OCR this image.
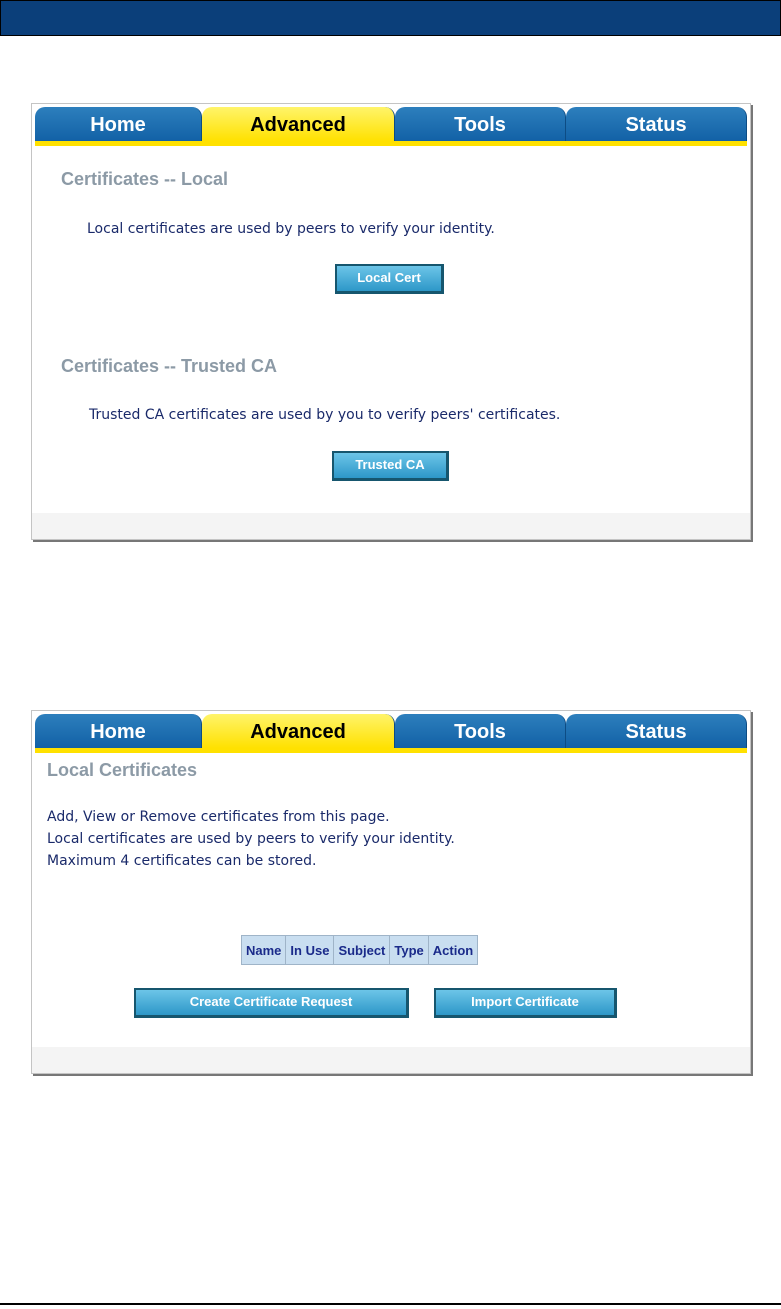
Home	Advanced	Tools	Status
Certificates -- Local
Local certificates are used by peers to verify your identity.
Local Cert
Certificates -- Trusted CA
Trusted CA certificates are used by you to verify peers' certificates.
Trusted CA
Home	Advanced	Tools	Status
Local Certificates
Add, View or Remove certificates from this page.
Local certificates are used by peers to verify your identity.
Maximum 4 certificates can be stored.
Name	In Use	Subject	Type	Action
Create Certificate Request	Import Certificate
